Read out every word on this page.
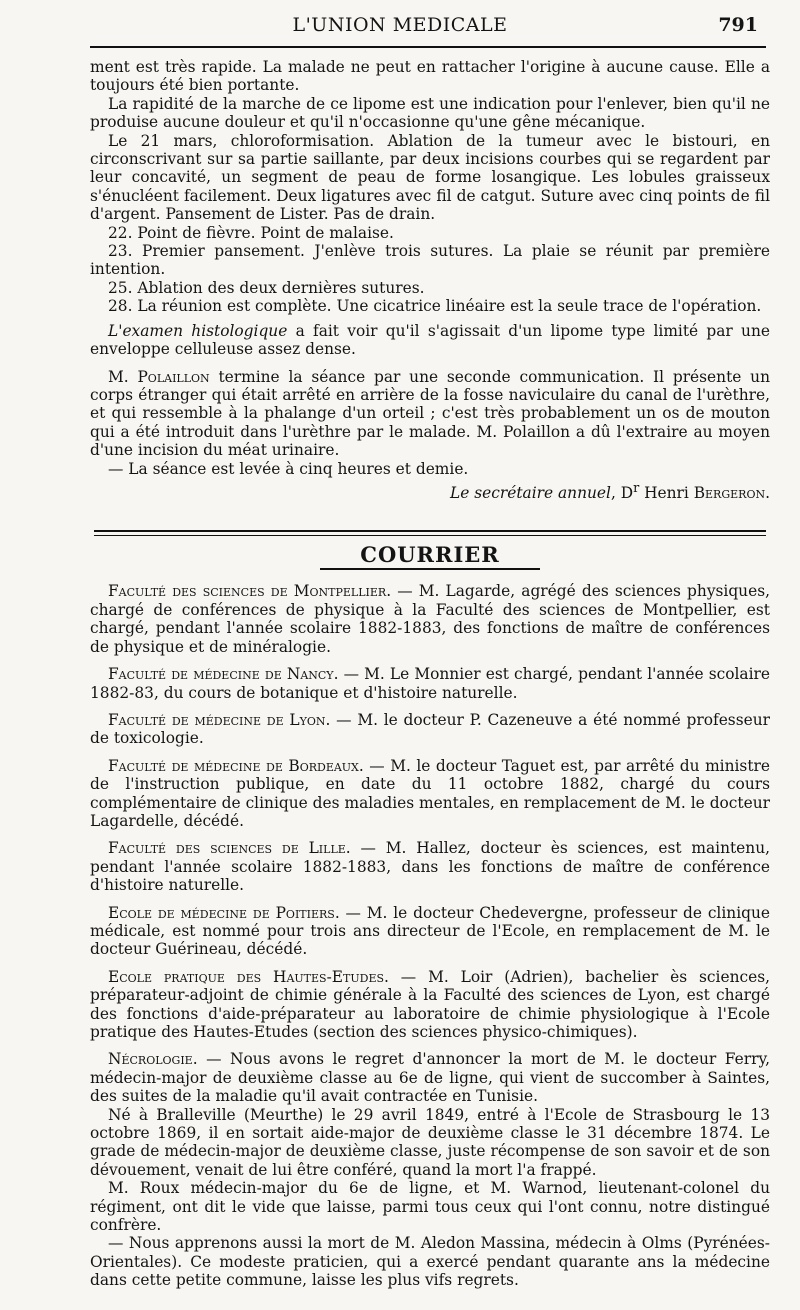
L'UNION MEDICALE	791

ment est très rapide. La malade ne peut en rattacher l'origine à aucune cause. Elle a toujours été bien portante.

La rapidité de la marche de ce lipome est une indication pour l'enlever, bien qu'il ne produise aucune douleur et qu'il n'occasionne qu'une gêne mécanique.

Le 21 mars, chloroformisation. Ablation de la tumeur avec le bistouri, en circonscrivant sur sa partie saillante, par deux incisions courbes qui se regardent par leur concavité, un segment de peau de forme losangique. Les lobules graisseux s'énucléent facilement. Deux ligatures avec fil de catgut. Suture avec cinq points de fil d'argent. Pansement de Lister. Pas de drain.

22. Point de fièvre. Point de malaise.

23. Premier pansement. J'enlève trois sutures. La plaie se réunit par première intention.

25. Ablation des deux dernières sutures.

28. La réunion est complète. Une cicatrice linéaire est la seule trace de l'opération.

L'examen histologique a fait voir qu'il s'agissait d'un lipome type limité par une enveloppe celluleuse assez dense.

M. Polaillon termine la séance par une seconde communication. Il présente un corps étranger qui était arrêté en arrière de la fosse naviculaire du canal de l'urèthre, et qui ressemble à la phalange d'un orteil ; c'est très probablement un os de mouton qui a été introduit dans l'urèthre par le malade. M. Polaillon a dû l'extraire au moyen d'une incision du méat urinaire.

— La séance est levée à cinq heures et demie.

Le secrétaire annuel, $D^r$ Henri Bergeron.

COURRIER

Faculté des sciences de Montpellier. — M. Lagarde, agrégé des sciences physiques, chargé de conférences de physique à la Faculté des sciences de Montpellier, est chargé, pendant l'année scolaire 1882-1883, des fonctions de maître de conférences de physique et de minéralogie.

Faculté de médecine de Nancy. — M. Le Monnier est chargé, pendant l'année scolaire 1882-83, du cours de botanique et d'histoire naturelle.

Faculté de médecine de Lyon. — M. le docteur P. Cazeneuve a été nommé professeur de toxicologie.

Faculté de médecine de Bordeaux. — M. le docteur Taguet est, par arrêté du ministre de l'instruction publique, en date du 11 octobre 1882, chargé du cours complémentaire de clinique des maladies mentales, en remplacement de M. le docteur Lagardelle, décédé.

Faculté des sciences de Lille. — M. Hallez, docteur ès sciences, est maintenu, pendant l'année scolaire 1882-1883, dans les fonctions de maître de conférence d'histoire naturelle.

Ecole de médecine de Poitiers. — M. le docteur Chedevergne, professeur de clinique médicale, est nommé pour trois ans directeur de l'Ecole, en remplacement de M. le docteur Guérineau, décédé.

Ecole pratique des Hautes-Etudes. — M. Loir (Adrien), bachelier ès sciences, préparateur-adjoint de chimie générale à la Faculté des sciences de Lyon, est chargé des fonctions d'aide-préparateur au laboratoire de chimie physiologique à l'Ecole pratique des Hautes-Etudes (section des sciences physico-chimiques).

Nécrologie. — Nous avons le regret d'annoncer la mort de M. le docteur Ferry, médecin-major de deuxième classe au 6e de ligne, qui vient de succomber à Saintes, des suites de la maladie qu'il avait contractée en Tunisie.

Né à Bralleville (Meurthe) le 29 avril 1849, entré à l'Ecole de Strasbourg le 13 octobre 1869, il en sortait aide-major de deuxième classe le 31 décembre 1874. Le grade de médecin-major de deuxième classe, juste récompense de son savoir et de son dévouement, venait de lui être conféré, quand la mort l'a frappé.

M. Roux médecin-major du 6e de ligne, et M. Warnod, lieutenant-colonel du régiment, ont dit le vide que laisse, parmi tous ceux qui l'ont connu, notre distingué confrère.

— Nous apprenons aussi la mort de M. Aledon Massina, médecin à Olms (Pyrénées-Orientales). Ce modeste praticien, qui a exercé pendant quarante ans la médecine dans cette petite commune, laisse les plus vifs regrets.
